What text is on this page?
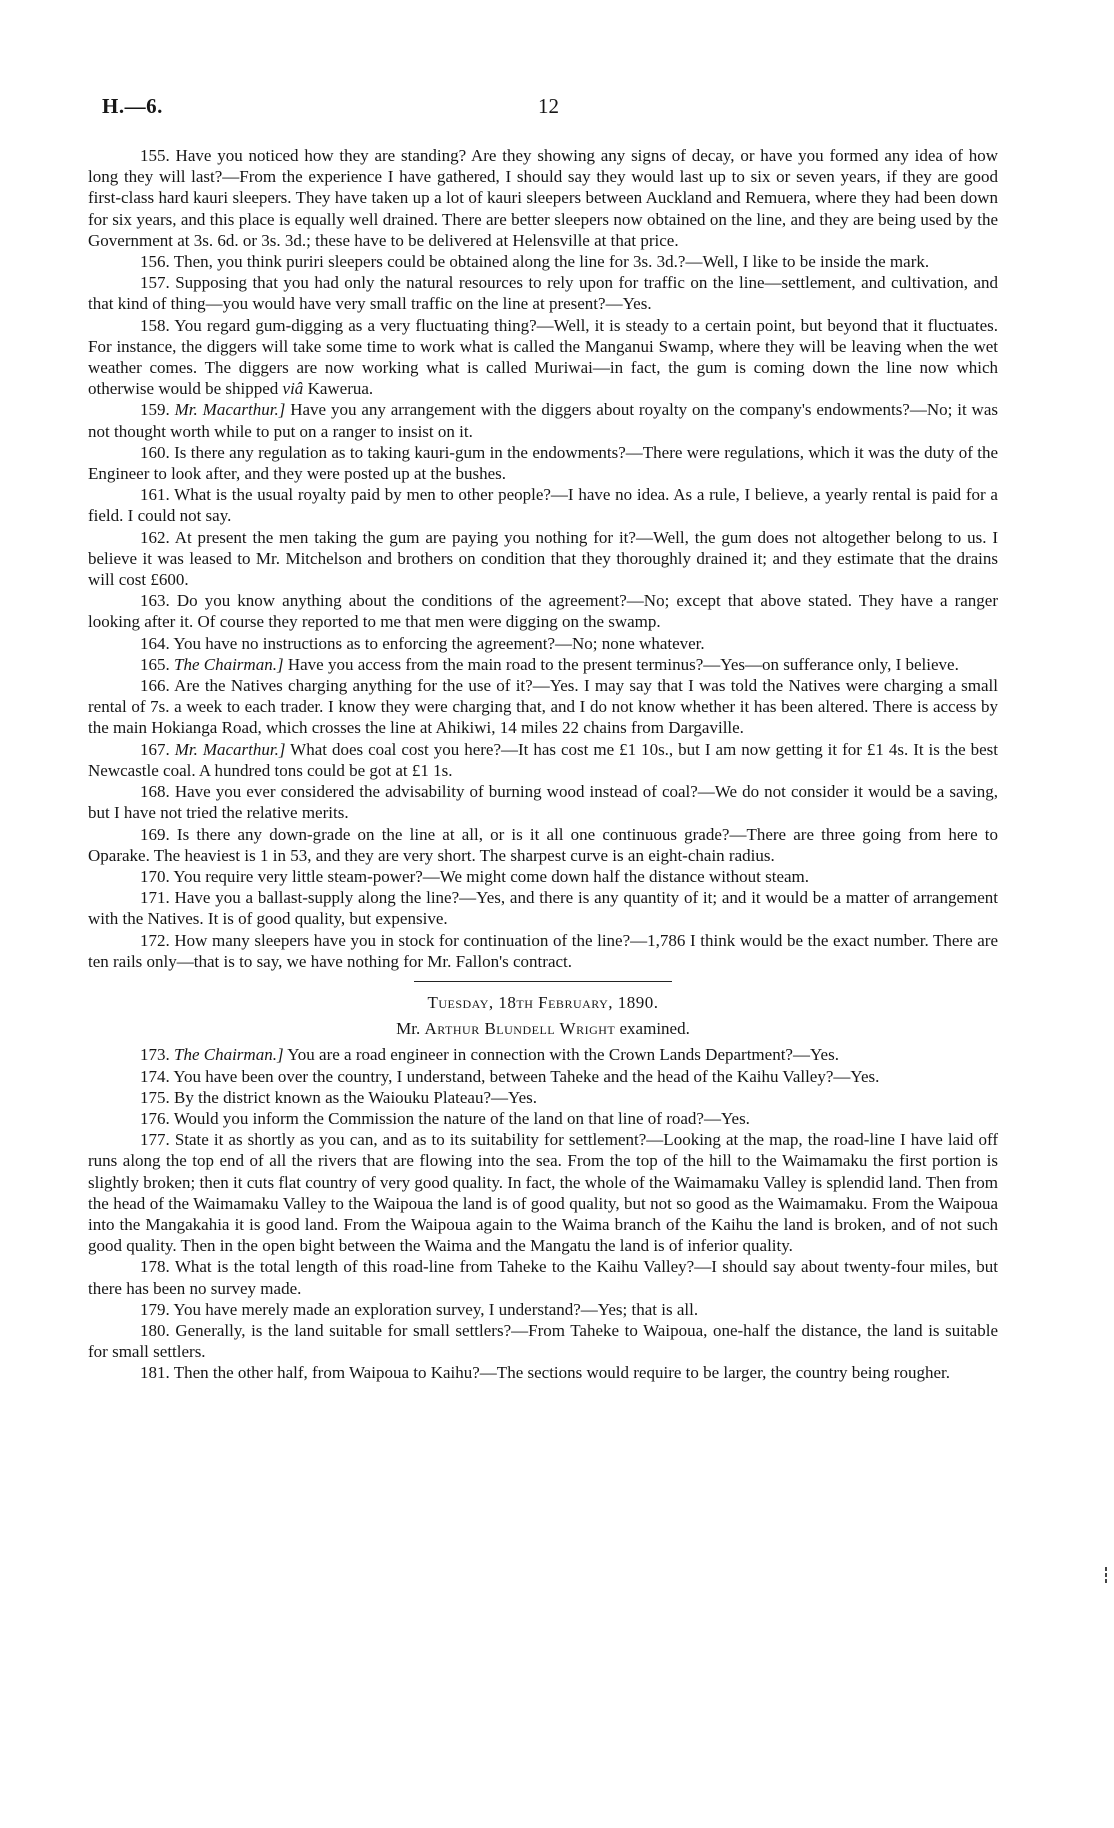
H.—6.	12

155. Have you noticed how they are standing? Are they showing any signs of decay, or have you formed any idea of how long they will last?—From the experience I have gathered, I should say they would last up to six or seven years, if they are good first-class hard kauri sleepers. They have taken up a lot of kauri sleepers between Auckland and Remuera, where they had been down for six years, and this place is equally well drained. There are better sleepers now obtained on the line, and they are being used by the Government at 3s. 6d. or 3s. 3d.; these have to be delivered at Helensville at that price.

156. Then, you think puriri sleepers could be obtained along the line for 3s. 3d.?—Well, I like to be inside the mark.

157. Supposing that you had only the natural resources to rely upon for traffic on the line—settlement, and cultivation, and that kind of thing—you would have very small traffic on the line at present?—Yes.

158. You regard gum-digging as a very fluctuating thing?—Well, it is steady to a certain point, but beyond that it fluctuates. For instance, the diggers will take some time to work what is called the Manganui Swamp, where they will be leaving when the wet weather comes. The diggers are now working what is called Muriwai—in fact, the gum is coming down the line now which otherwise would be shipped viâ Kawerua.

159. Mr. Macarthur.] Have you any arrangement with the diggers about royalty on the company's endowments?—No; it was not thought worth while to put on a ranger to insist on it.

160. Is there any regulation as to taking kauri-gum in the endowments?—There were regulations, which it was the duty of the Engineer to look after, and they were posted up at the bushes.

161. What is the usual royalty paid by men to other people?—I have no idea. As a rule, I believe, a yearly rental is paid for a field. I could not say.

162. At present the men taking the gum are paying you nothing for it?—Well, the gum does not altogether belong to us. I believe it was leased to Mr. Mitchelson and brothers on condition that they thoroughly drained it; and they estimate that the drains will cost £600.

163. Do you know anything about the conditions of the agreement?—No; except that above stated. They have a ranger looking after it. Of course they reported to me that men were digging on the swamp.

164. You have no instructions as to enforcing the agreement?—No; none whatever.

165. The Chairman.] Have you access from the main road to the present terminus?—Yes—on sufferance only, I believe.

166. Are the Natives charging anything for the use of it?—Yes. I may say that I was told the Natives were charging a small rental of 7s. a week to each trader. I know they were charging that, and I do not know whether it has been altered. There is access by the main Hokianga Road, which crosses the line at Ahikiwi, 14 miles 22 chains from Dargaville.

167. Mr. Macarthur.] What does coal cost you here?—It has cost me £1 10s., but I am now getting it for £1 4s. It is the best Newcastle coal. A hundred tons could be got at £1 1s.

168. Have you ever considered the advisability of burning wood instead of coal?—We do not consider it would be a saving, but I have not tried the relative merits.

169. Is there any down-grade on the line at all, or is it all one continuous grade?—There are three going from here to Oparake. The heaviest is 1 in 53, and they are very short. The sharpest curve is an eight-chain radius.

170. You require very little steam-power?—We might come down half the distance without steam.

171. Have you a ballast-supply along the line?—Yes, and there is any quantity of it; and it would be a matter of arrangement with the Natives. It is of good quality, but expensive.

172. How many sleepers have you in stock for continuation of the line?—1,786 I think would be the exact number. There are ten rails only—that is to say, we have nothing for Mr. Fallon's contract.

Tuesday, 18th February, 1890.

Mr. Arthur Blundell Wright examined.

173. The Chairman.] You are a road engineer in connection with the Crown Lands Department?—Yes.

174. You have been over the country, I understand, between Taheke and the head of the Kaihu Valley?—Yes.

175. By the district known as the Waiouku Plateau?—Yes.

176. Would you inform the Commission the nature of the land on that line of road?—Yes.

177. State it as shortly as you can, and as to its suitability for settlement?—Looking at the map, the road-line I have laid off runs along the top end of all the rivers that are flowing into the sea. From the top of the hill to the Waimamaku the first portion is slightly broken; then it cuts flat country of very good quality. In fact, the whole of the Waimamaku Valley is splendid land. Then from the head of the Waimamaku Valley to the Waipoua the land is of good quality, but not so good as the Waimamaku. From the Waipoua into the Mangakahia it is good land. From the Waipoua again to the Waima branch of the Kaihu the land is broken, and of not such good quality. Then in the open bight between the Waima and the Mangatu the land is of inferior quality.

178. What is the total length of this road-line from Taheke to the Kaihu Valley?—I should say about twenty-four miles, but there has been no survey made.

179. You have merely made an exploration survey, I understand?—Yes; that is all.

180. Generally, is the land suitable for small settlers?—From Taheke to Waipoua, one-half the distance, the land is suitable for small settlers.

181. Then the other half, from Waipoua to Kaihu?—The sections would require to be larger, the country being rougher.
